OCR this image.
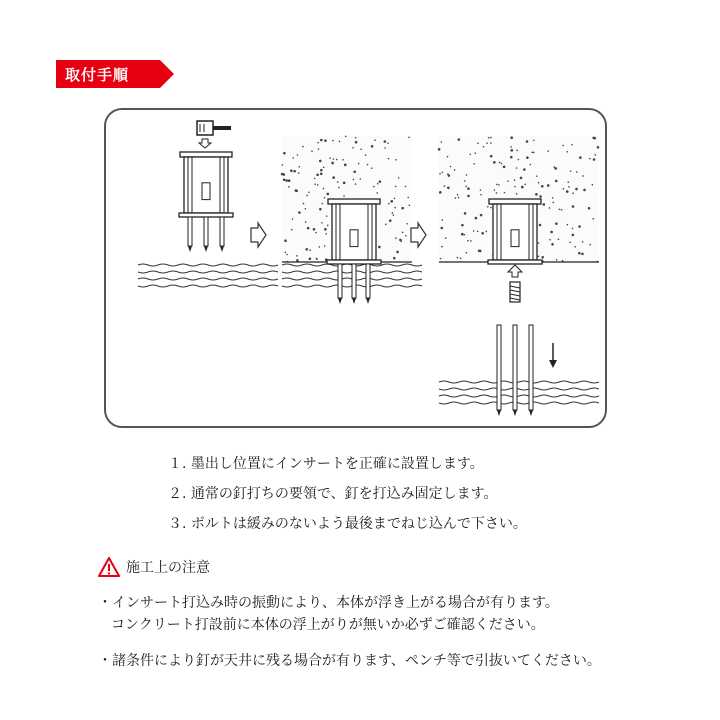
取付手順
１. 墨出し位置にインサートを正確に設置します。
２. 通常の釘打ちの要領で、釘を打込み固定します。
３. ボルトは緩みのないよう最後までねじ込んで下さい。
施工上の注意
・インサート打込み時の振動により、本体が浮き上がる場合が有ります。
コンクリート打設前に本体の浮上がりが無いか必ずご確認ください。
・諸条件により釘が天井に残る場合が有ります、ペンチ等で引抜いてください。
